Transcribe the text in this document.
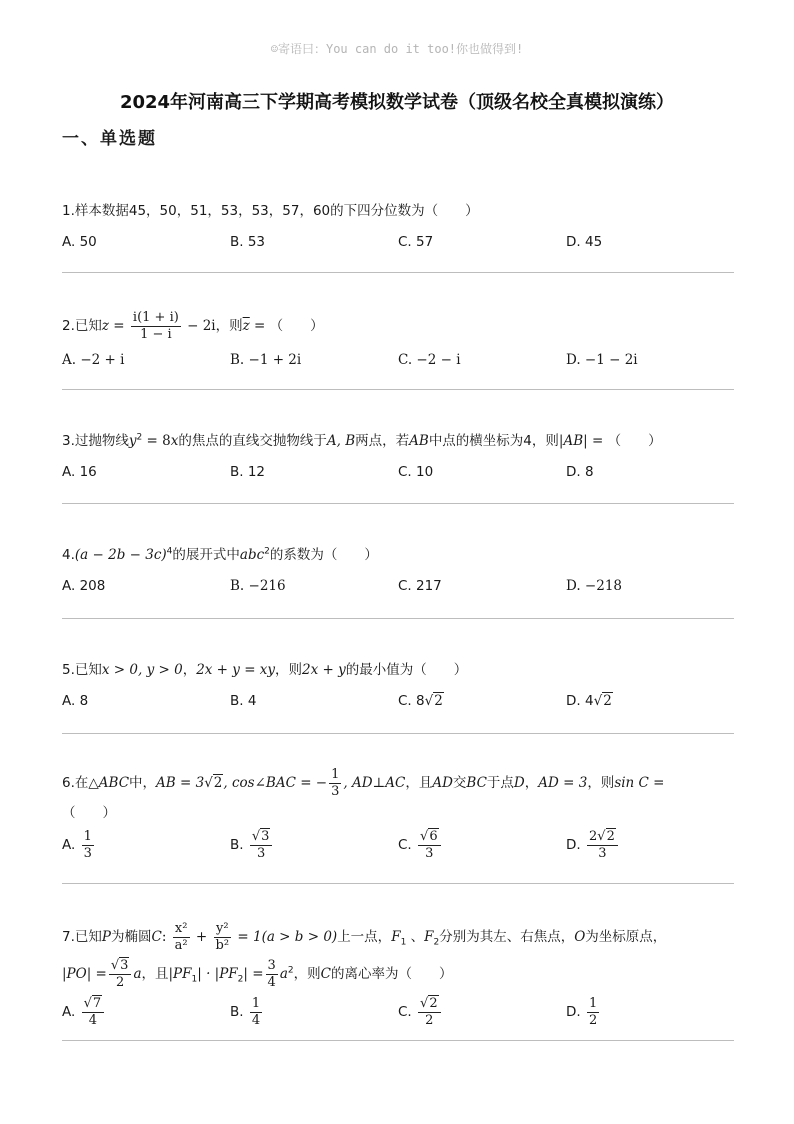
☺寄语曰：You can do it too!你也做得到!
2024年河南高三下学期高考模拟数学试卷（顶级名校全真模拟演练）
一、单选题
1.样本数据45，50，51，53，53，57，60的下四分位数为（　　）
A. 50	B. 53	C. 57	D. 45
2.已知$z = \frac{i(1 + i)}{1 - i} - 2i$，则$\overline{z}$ = （　　）
A. −2 + i	B. −1 + 2i	C. −2 − i	D. −1 − 2i
3.过抛物线$y^2 = 8x$的焦点的直线交抛物线于A, B两点，若AB中点的横坐标为4，则|AB| = （　　）
A. 16	B. 12	C. 10	D. 8
$4.(a - 2b - 3c)^4$的展开式中abc$^2$的系数为（　　）
A. 208	B. −216	C. 217	D. −218
5.已知x > 0, y > 0，2x + y = xy，则2x + y的最小值为（　　）
A. 8	B. 4	C. 8√2	D. 4√2
6.在△ABC中，AB = 3√2, cos∠BAC = − $\frac{1}{3}$ , AD⊥AC，且AD交BC于点D，AD = 3，则sin C =
（　　）
A. $\frac{1}{3}$	B. $\frac{√3}{3}$	C. $\frac{√6}{3}$	D. $\frac{2√2}{3}$
7.已知P为椭圆C: $\frac{\text{x²}}{\text{a²}} + \frac{\text{y²}}{\text{b²}} = 1(a > b > 0)$上一点，$F_1$ 、$F_2$分别为其左、右焦点，O为坐标原点，
$|PO| = \frac{√3}{2}$ a，且$|PF_1| \cdot |PF_2| = \frac{3}{4} a^2$，则C的离心率为（　　）
A. $\frac{√7}{4}$	B. $\frac{1}{4}$	C. $\frac{√2}{2}$	D. $\frac{1}{2}$
